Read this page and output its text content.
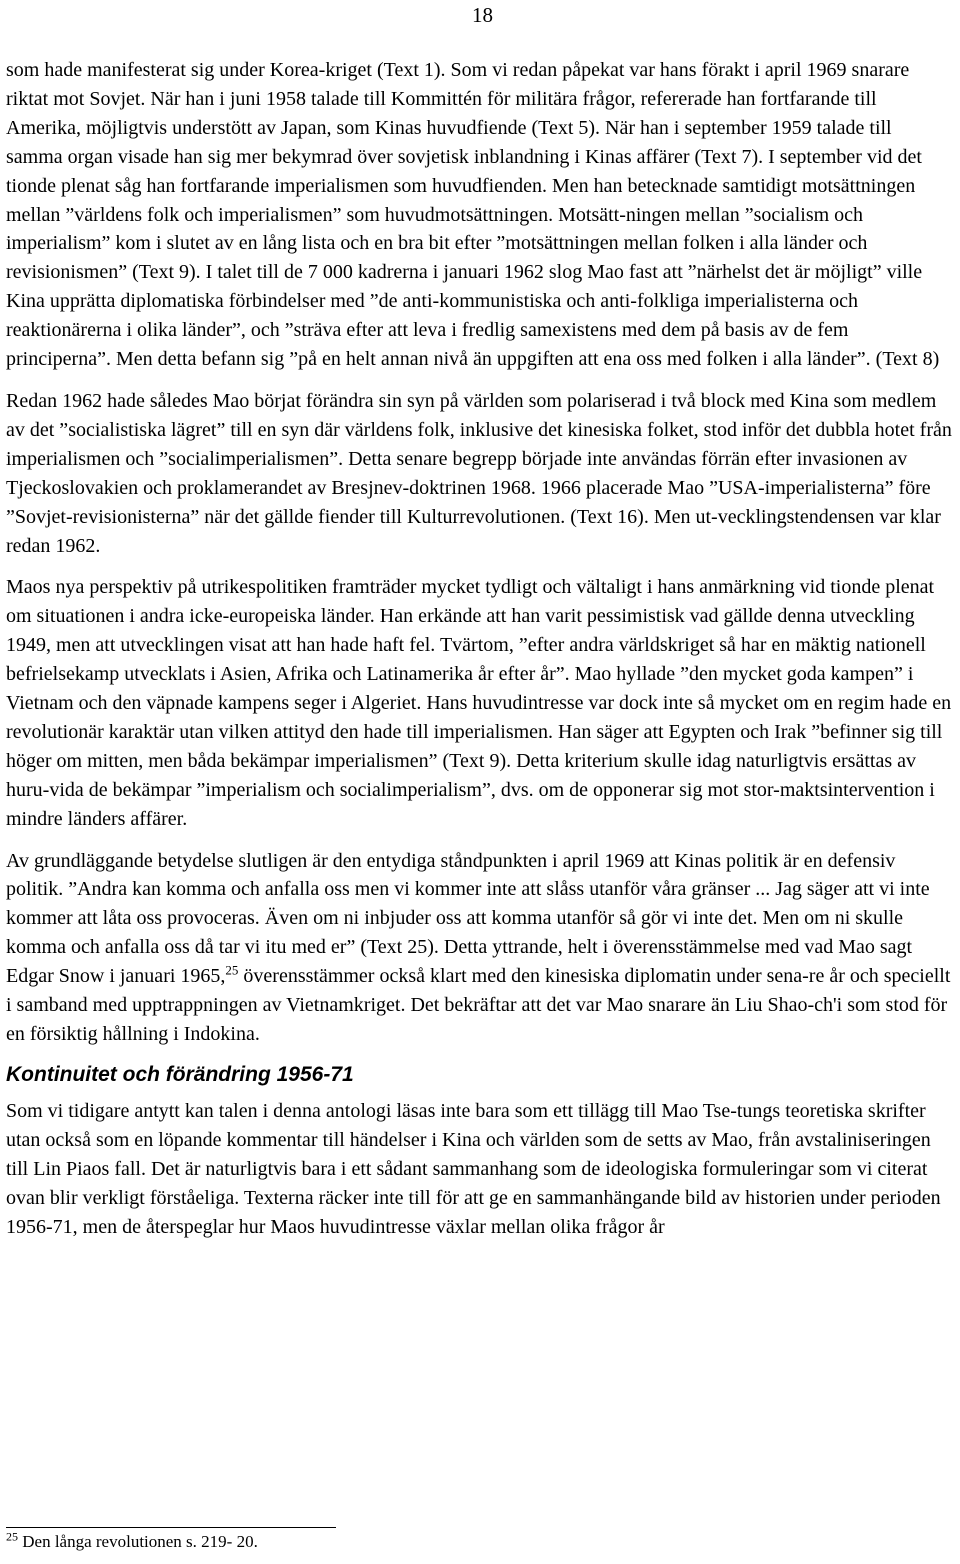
18

som hade manifesterat sig under Korea-kriget (Text 1). Som vi redan påpekat var hans förakt i april 1969 snarare riktat mot Sovjet. När han i juni 1958 talade till Kommittén för militära frågor, refererade han fortfarande till Amerika, möjligtvis understött av Japan, som Kinas huvudfiende (Text 5). När han i september 1959 talade till samma organ visade han sig mer bekymrad över sovjetisk inblandning i Kinas affärer (Text 7). I september vid det tionde plenat såg han fortfarande imperialismen som huvudfienden. Men han betecknade samtidigt motsättningen mellan ”världens folk och imperialismen” som huvudmotsättningen. Motsätt-ningen mellan ”socialism och imperialism” kom i slutet av en lång lista och en bra bit efter ”motsättningen mellan folken i alla länder och revisionismen” (Text 9). I talet till de 7 000 kadrerna i januari 1962 slog Mao fast att ”närhelst det är möjligt” ville Kina upprätta diplomatiska förbindelser med ”de anti-kommunistiska och anti-folkliga imperialisterna och reaktionärerna i olika länder”, och ”sträva efter att leva i fredlig samexistens med dem på basis av de fem principerna”. Men detta befann sig ”på en helt annan nivå än uppgiften att ena oss med folken i alla länder”. (Text 8)

Redan 1962 hade således Mao börjat förändra sin syn på världen som polariserad i två block med Kina som medlem av det ”socialistiska lägret” till en syn där världens folk, inklusive det kinesiska folket, stod inför det dubbla hotet från imperialismen och ”socialimperialismen”. Detta senare begrepp började inte användas förrän efter invasionen av Tjeckoslovakien och proklamerandet av Bresjnev-doktrinen 1968. 1966 placerade Mao ”USA-imperialisterna” före ”Sovjet-revisionisterna” när det gällde fiender till Kulturrevolutionen. (Text 16). Men ut-vecklingstendensen var klar redan 1962.

Maos nya perspektiv på utrikespolitiken framträder mycket tydligt och vältaligt i hans anmärkning vid tionde plenat om situationen i andra icke-europeiska länder. Han erkände att han varit pessimistisk vad gällde denna utveckling 1949, men att utvecklingen visat att han hade haft fel. Tvärtom, ”efter andra världskriget så har en mäktig nationell befrielsekamp utvecklats i Asien, Afrika och Latinamerika år efter år”. Mao hyllade ”den mycket goda kampen” i Vietnam och den väpnade kampens seger i Algeriet. Hans huvudintresse var dock inte så mycket om en regim hade en revolutionär karaktär utan vilken attityd den hade till imperialismen. Han säger att Egypten och Irak ”befinner sig till höger om mitten, men båda bekämpar imperialismen” (Text 9). Detta kriterium skulle idag naturligtvis ersättas av huru-vida de bekämpar ”imperialism och socialimperialism”, dvs. om de opponerar sig mot stor-maktsintervention i mindre länders affärer.

Av grundläggande betydelse slutligen är den entydiga ståndpunkten i april 1969 att Kinas politik är en defensiv politik. ”Andra kan komma och anfalla oss men vi kommer inte att slåss utanför våra gränser ... Jag säger att vi inte kommer att låta oss provoceras. Även om ni inbjuder oss att komma utanför så gör vi inte det. Men om ni skulle komma och anfalla oss då tar vi itu med er” (Text 25). Detta yttrande, helt i överensstämmelse med vad Mao sagt Edgar Snow i januari 1965,25 överensstämmer också klart med den kinesiska diplomatin under sena-re år och speciellt i samband med upptrappningen av Vietnamkriget. Det bekräftar att det var Mao snarare än Liu Shao-ch'i som stod för en försiktig hållning i Indokina.

Kontinuitet och förändring 1956-71

Som vi tidigare antytt kan talen i denna antologi läsas inte bara som ett tillägg till Mao Tse-tungs teoretiska skrifter utan också som en löpande kommentar till händelser i Kina och världen som de setts av Mao, från avstaliniseringen till Lin Piaos fall. Det är naturligtvis bara i ett sådant sammanhang som de ideologiska formuleringar som vi citerat ovan blir verkligt förståeliga. Texterna räcker inte till för att ge en sammanhängande bild av historien under perioden 1956-71, men de återspeglar hur Maos huvudintresse växlar mellan olika frågor år

$^{25}$ Den långa revolutionen s. 219- 20.
